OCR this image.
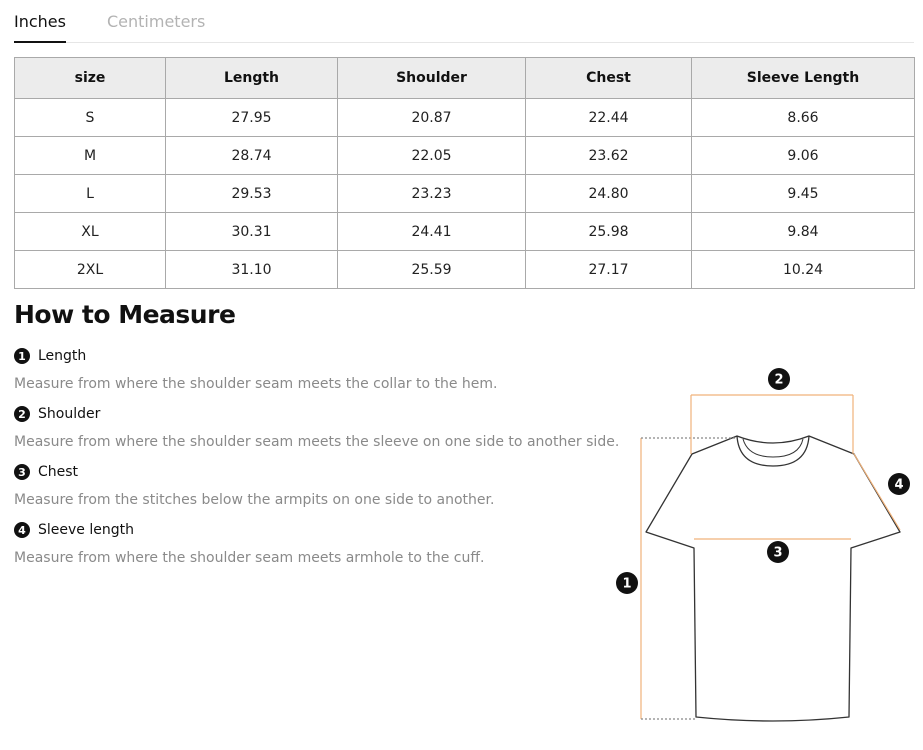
Inches	Centimeters
size	Length	Shoulder	Chest	Sleeve Length
S	27.95	20.87	22.44	8.66
M	28.74	22.05	23.62	9.06
L	29.53	23.23	24.80	9.45
XL	30.31	24.41	25.98	9.84
2XL	31.10	25.59	27.17	10.24
How to Measure
1 Length
Measure from where the shoulder seam meets the collar to the hem.
2 Shoulder
Measure from where the shoulder seam meets the sleeve on one side to another side.
3 Chest
Measure from the stitches below the armpits on one side to another.
4 Sleeve length
Measure from where the shoulder seam meets armhole to the cuff.
2
4
3
1
